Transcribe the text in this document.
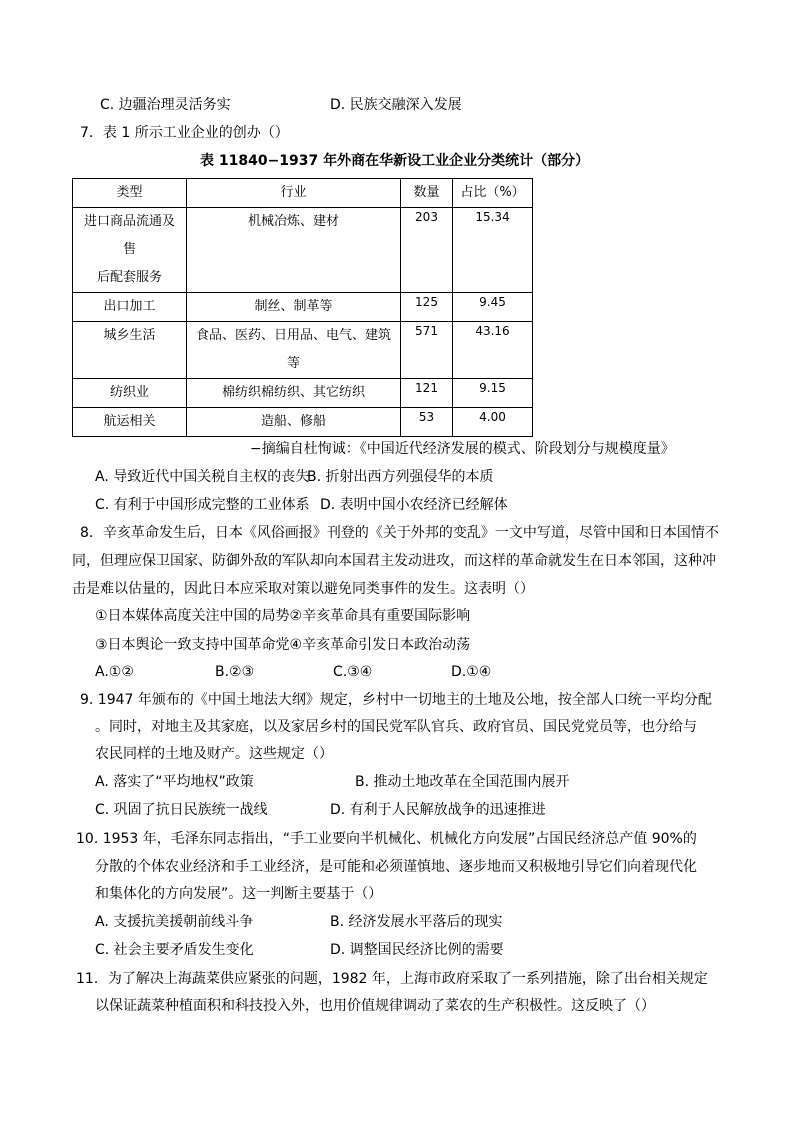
C. 边疆治理灵活务实	D. 民族交融深入发展
7．表 1 所示工业企业的创办（）
表 11840−1937 年外商在华新设工业企业分类统计（部分）
类型	行业	数量	占比（%）

进口商品流通及
售
后配套服务	机械冶炼、建材	203	15.34

出口加工	制丝、制革等	125	9.45

城乡生活	食品、医药、日用品、电气、建筑
等	571	43.16

纺织业	棉纺织棉纺织、其它纺织	121	9.15

航运相关	造船、修船	53	4.00
−摘编自杜恂诚：《中国近代经济发展的模式、阶段划分与规模度量》
A. 导致近代中国关税自主权的丧失
B. 折射出西方列强侵华的本质
C. 有利于中国形成完整的工业体系 D. 表明中国小农经济已经解体
8．辛亥革命发生后，日本《风俗画报》刊登的《关于外邦的变乱》一文中写道，尽管中国和日本国情不
同，但理应保卫国家、防御外敌的军队却向本国君主发动进攻，而这样的革命就发生在日本邻国，这种冲
击是难以估量的，因此日本应采取对策以避免同类事件的发生。这表明（）
①日本媒体高度关注中国的局势②辛亥革命具有重要国际影响
③日本舆论一致支持中国革命党④辛亥革命引发日本政治动荡
A.①②	B.②③	C.③④	D.①④
9. 1947 年颁布的《中国土地法大纲》规定，乡村中一切地主的土地及公地，按全部人口统一平均分配
。同时，对地主及其家庭，以及家居乡村的国民党军队官兵、政府官员、国民党党员等，也分给与
农民同样的土地及财产。这些规定（）
A. 落实了“平均地权”政策	B. 推动土地改革在全国范围内展开
C. 巩固了抗日民族统一战线	D. 有利于人民解放战争的迅速推进
10. 1953 年，毛泽东同志指出，“手工业要向半机械化、机械化方向发展”占国民经济总产值 90%的
分散的个体农业经济和手工业经济，是可能和必须谨慎地、逐步地而又积极地引导它们向着现代化
和集体化的方向发展”。这一判断主要基于（）
A. 支援抗美援朝前线斗争	B. 经济发展水平落后的现实
C. 社会主要矛盾发生变化	D. 调整国民经济比例的需要
11．为了解决上海蔬菜供应紧张的问题，1982 年，上海市政府采取了一系列措施，除了出台相关规定
以保证蔬菜种植面积和科技投入外，也用价值规律调动了菜农的生产积极性。这反映了（）
